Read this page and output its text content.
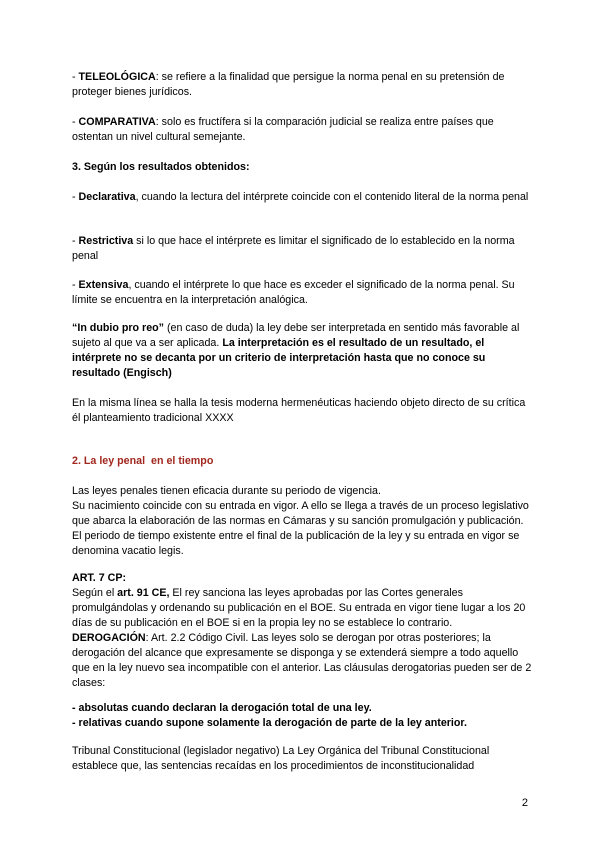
- TELEOLÓGICA: se refiere a la finalidad que persigue la norma penal en su pretensión de proteger bienes jurídicos.

- COMPARATIVA: solo es fructífera si la comparación judicial se realiza entre países que ostentan un nivel cultural semejante.

3. Según los resultados obtenidos:

- Declarativa, cuando la lectura del intérprete coincide con el contenido literal de la norma penal

- Restrictiva si lo que hace el intérprete es limitar el significado de lo establecido en la norma penal

- Extensiva, cuando el intérprete lo que hace es exceder el significado de la norma penal. Su límite se encuentra en la interpretación analógica.

“In dubio pro reo” (en caso de duda) la ley debe ser interpretada en sentido más favorable al sujeto al que va a ser aplicada. La interpretación es el resultado de un resultado, el intérprete no se decanta por un criterio de interpretación hasta que no conoce su resultado (Engisch)

En la misma línea se halla la tesis moderna hermenéuticas haciendo objeto directo de su crítica él planteamiento tradicional XXXX

2. La ley penal  en el tiempo

Las leyes penales tienen eficacia durante su periodo de vigencia.
Su nacimiento coincide con su entrada en vigor. A ello se llega a través de un proceso legislativo que abarca la elaboración de las normas en Cámaras y su sanción promulgación y publicación. El periodo de tiempo existente entre el final de la publicación de la ley y su entrada en vigor se denomina vacatio legis.

ART. 7 CP:
Según el art. 91 CE, El rey sanciona las leyes aprobadas por las Cortes generales promulgándolas y ordenando su publicación en el BOE. Su entrada en vigor tiene lugar a los 20 días de su publicación en el BOE si en la propia ley no se establece lo contrario.
DEROGACIÓN: Art. 2.2 Código Civil. Las leyes solo se derogan por otras posteriores; la derogación del alcance que expresamente se disponga y se extenderá siempre a todo aquello que en la ley nuevo sea incompatible con el anterior. Las cláusulas derogatorias pueden ser de 2 clases:
- absolutas cuando declaran la derogación total de una ley.
- relativas cuando supone solamente la derogación de parte de la ley anterior.

Tribunal Constitucional (legislador negativo) La Ley Orgánica del Tribunal Constitucional establece que, las sentencias recaídas en los procedimientos de inconstitucionalidad

2
